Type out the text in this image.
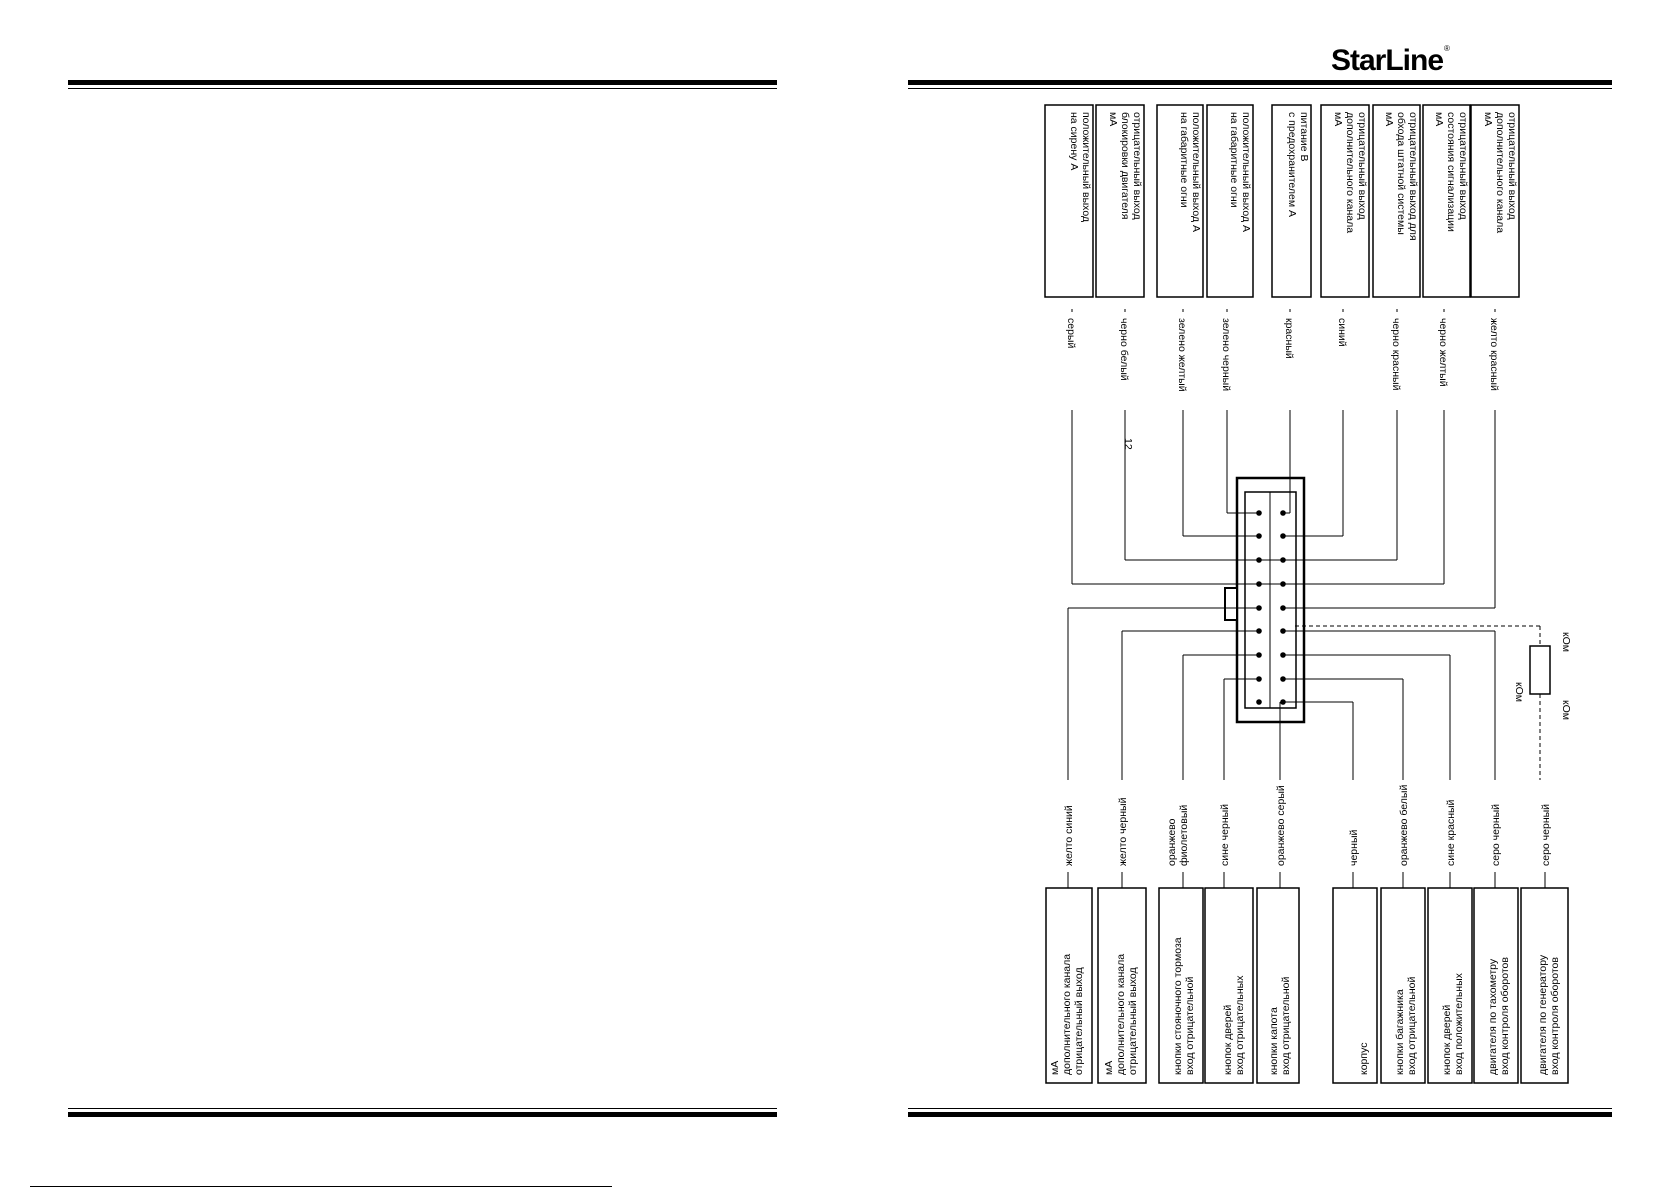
StarLine®
положительный выход
на сирену А	отрицательный выход
блокировки двигателя
мА	положительный выход А
на габаритные огни	положительный выход А
на габаритные огни	питание В
с предохранителем А	отрицательный выход
дополнительного канала
мА	отрицательный выход для
обхода штатной системы
мА	отрицательный выход
состояния сигнализации
мА	отрицательный выход
дополнительного канала
мА
отрицательный выход
дополнительного канала
мА	отрицательный выход
дополнительного канала
мА	вход отрицательной
кнопки стояночного тормоза	вход отрицательных
кнопок дверей	вход отрицательной
кнопки капота	корпус	вход отрицательной
кнопки багажника	вход положительных
кнопок дверей	вход контроля оборотов
двигателя по тахометру	вход контроля оборотов
двигателя по генератору
серый	черно белый	зелено желтый	зелено черный	красный	синий	черно красный	черно желтый	желто красный
желто синий	желто черный	оранжево фиолетовый	сине черный	оранжево серый	черный	оранжево белый	сине красный	серо черный	серо черный
кОм
кОм
кОм
12
